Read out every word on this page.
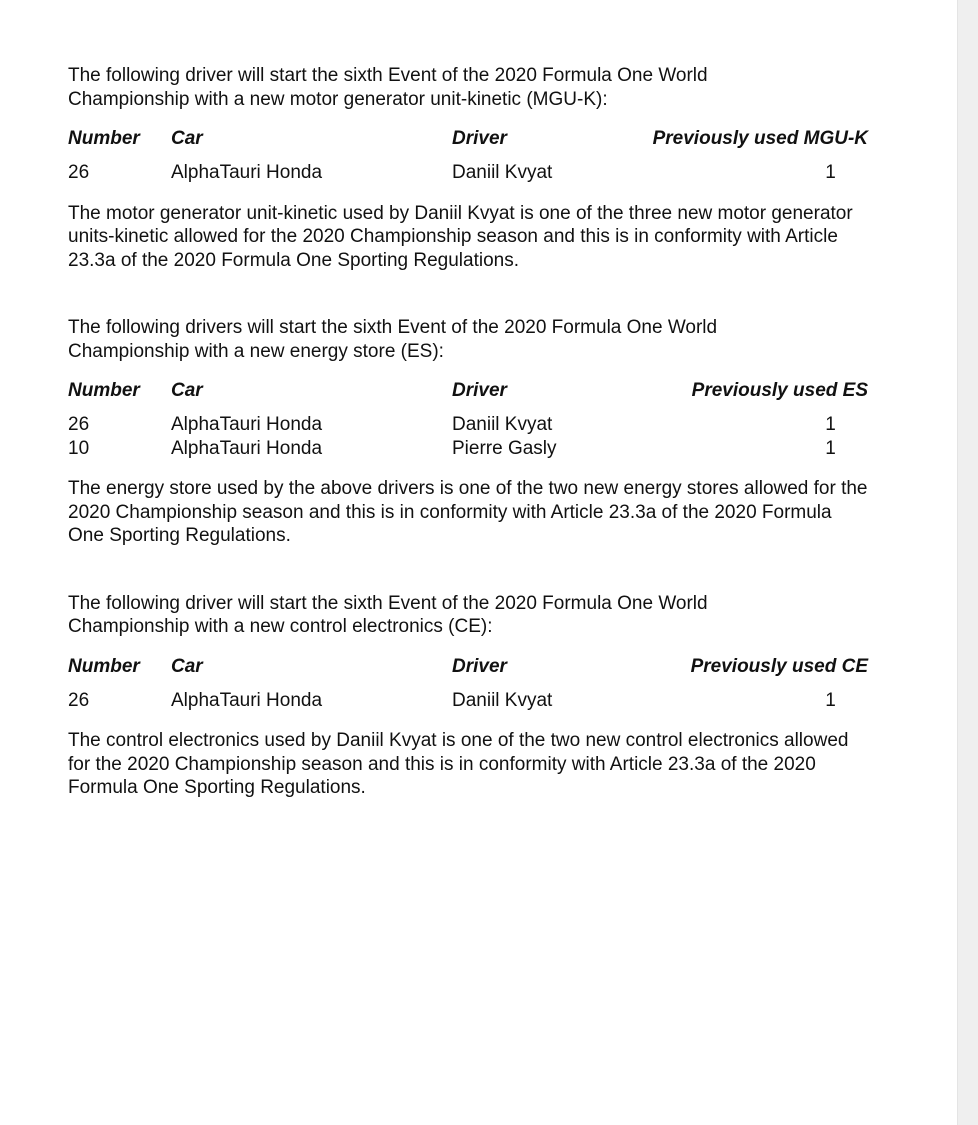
The following driver will start the sixth Event of the 2020 Formula One World Championship with a new motor generator unit-kinetic (MGU-K):

Number	Car	Driver	Previously used MGU-K
26	AlphaTauri Honda	Daniil Kvyat	1

The motor generator unit-kinetic used by Daniil Kvyat is one of the three new motor generator units-kinetic allowed for the 2020 Championship season and this is in conformity with Article 23.3a of the 2020 Formula One Sporting Regulations.

The following drivers will start the sixth Event of the 2020 Formula One World Championship with a new energy store (ES):

Number	Car	Driver	Previously used ES
26	AlphaTauri Honda	Daniil Kvyat	1
10	AlphaTauri Honda	Pierre Gasly	1

The energy store used by the above drivers is one of the two new energy stores allowed for the 2020 Championship season and this is in conformity with Article 23.3a of the 2020 Formula One Sporting Regulations.

The following driver will start the sixth Event of the 2020 Formula One World Championship with a new control electronics (CE):

Number	Car	Driver	Previously used CE
26	AlphaTauri Honda	Daniil Kvyat	1

The control electronics used by Daniil Kvyat is one of the two new control electronics allowed for the 2020 Championship season and this is in conformity with Article 23.3a of the 2020 Formula One Sporting Regulations.
